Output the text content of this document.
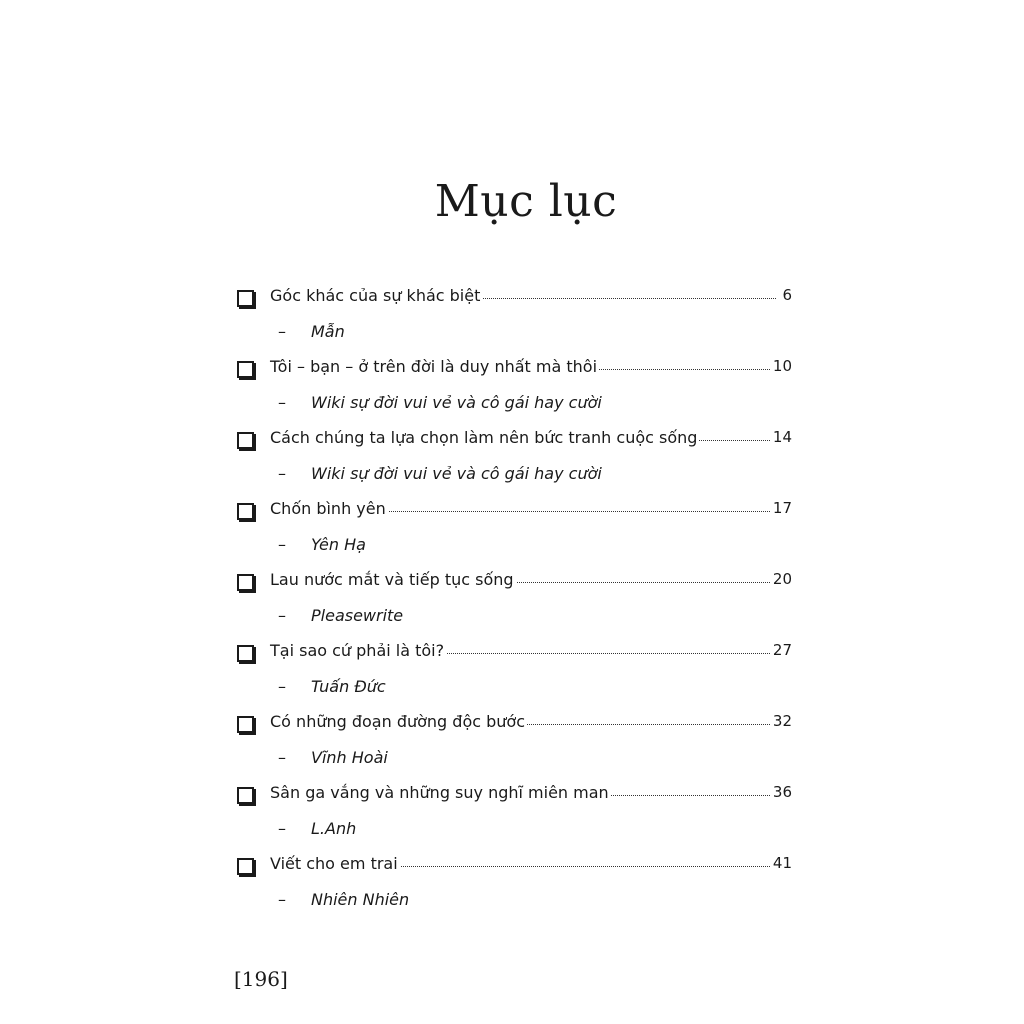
Mục lục
Góc khác của sự khác biệt	6
– Mẫn
Tôi – bạn – ở trên đời là duy nhất mà thôi	10
– Wiki sự đời vui vẻ và cô gái hay cười
Cách chúng ta lựa chọn làm nên bức tranh cuộc sống	14
– Wiki sự đời vui vẻ và cô gái hay cười
Chốn bình yên	17
– Yên Hạ
Lau nước mắt và tiếp tục sống	20
– Pleasewrite
Tại sao cứ phải là tôi?	27
– Tuấn Đức
Có những đoạn đường độc bước	32
– Vĩnh Hoài
Sân ga vắng và những suy nghĩ miên man	36
– L.Anh
Viết cho em trai	41
– Nhiên Nhiên
[196]
